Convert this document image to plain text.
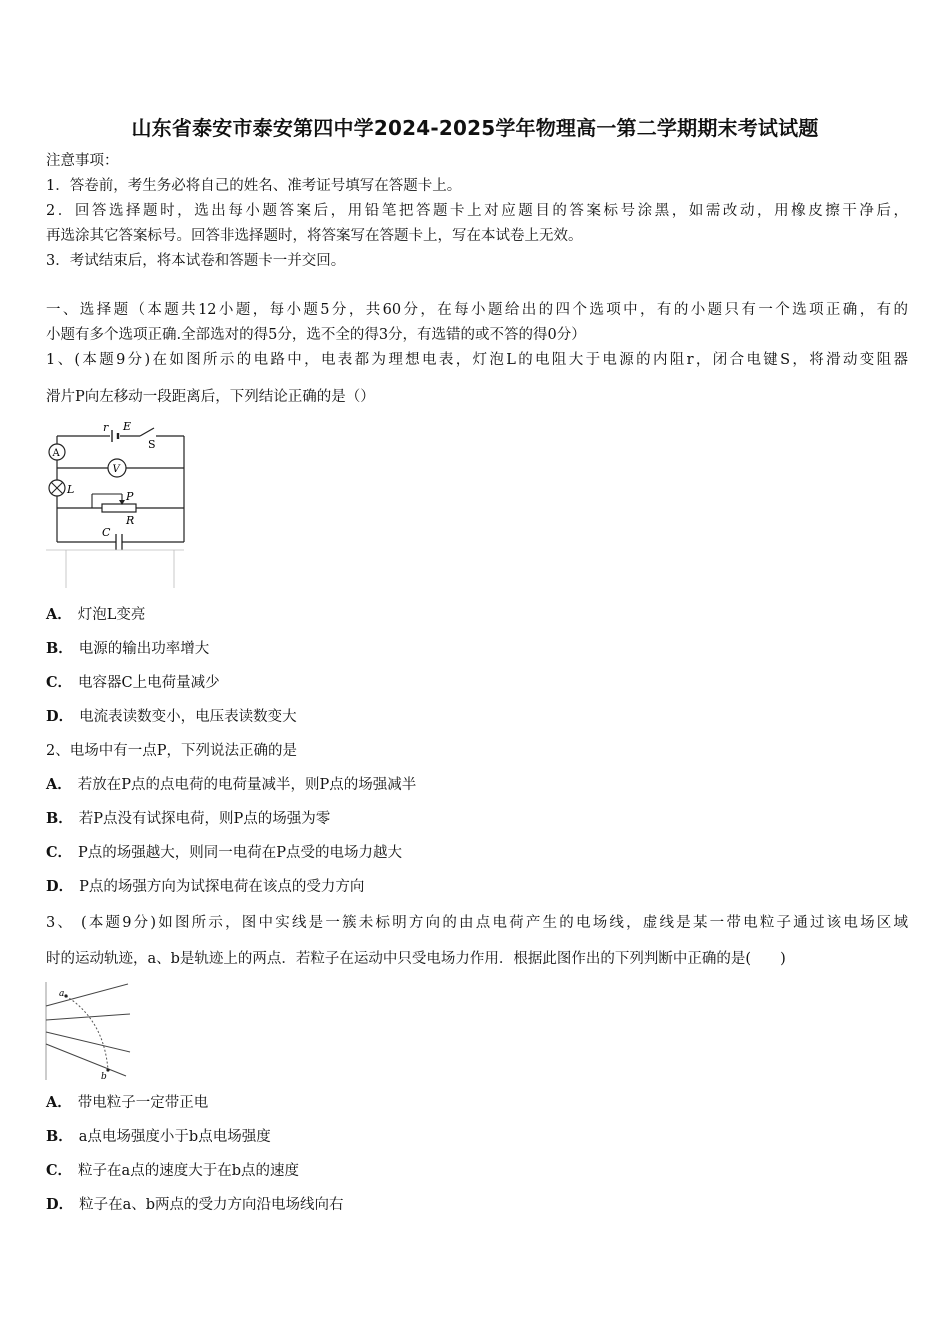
山东省泰安市泰安第四中学2024-2025学年物理高一第二学期期末考试试题
注意事项：
1．答卷前，考生务必将自己的姓名、准考证号填写在答题卡上。
2．回答选择题时，选出每小题答案后，用铅笔把答题卡上对应题目的答案标号涂黑，如需改动，用橡皮擦干净后，
再选涂其它答案标号。回答非选择题时，将答案写在答题卡上，写在本试卷上无效。
3．考试结束后，将本试卷和答题卡一并交回。
一、选择题（本题共12小题，每小题5分，共60分，在每小题给出的四个选项中，有的小题只有一个选项正确，有的
小题有多个选项正确.全部选对的得5分，选不全的得3分，有选错的或不答的得0分）
1、(本题9分)在如图所示的电路中，电表都为理想电表，灯泡L的电阻大于电源的内阻r，闭合电键S，将滑动变阻器
滑片P向左移动一段距离后，下列结论正确的是（）
r E
S
A
L
V
P
R
C
A． 灯泡L变亮
B． 电源的输出功率增大
C． 电容器C上电荷量减少
D． 电流表读数变小，电压表读数变大
2、电场中有一点P，下列说法正确的是
A． 若放在P点的点电荷的电荷量减半，则P点的场强减半
B． 若P点没有试探电荷，则P点的场强为零
C． P点的场强越大，则同一电荷在P点受的电场力越大
D． P点的场强方向为试探电荷在该点的受力方向
3、 (本题9分)如图所示，图中实线是一簇未标明方向的由点电荷产生的电场线，虚线是某一带电粒子通过该电场区域
时的运动轨迹，a、b是轨迹上的两点．若粒子在运动中只受电场力作用．根据此图作出的下列判断中正确的是(　　)
a
b
A． 带电粒子一定带正电
B． a点电场强度小于b点电场强度
C． 粒子在a点的速度大于在b点的速度
D． 粒子在a、b两点的受力方向沿电场线向右
